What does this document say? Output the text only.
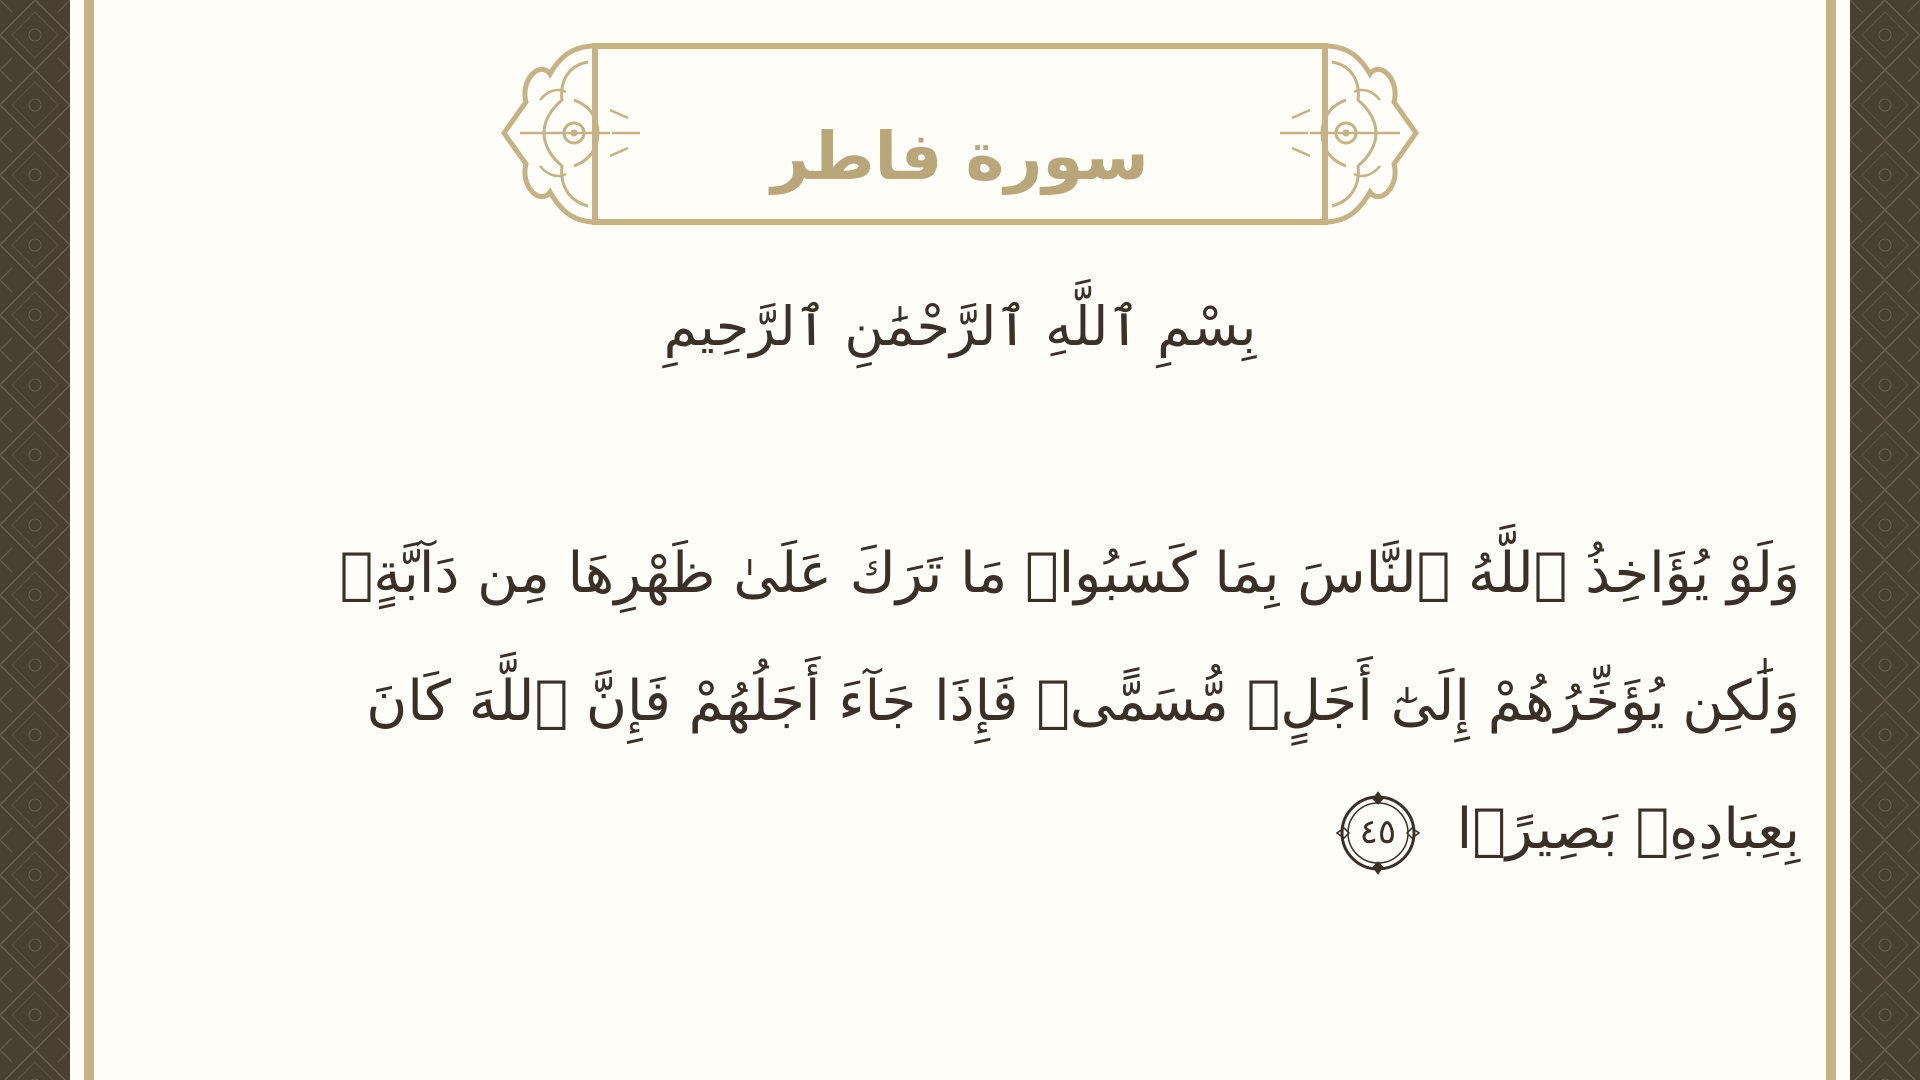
سورة فاطر
بِسْمِ ٱللَّهِ ٱلرَّحْمَٰنِ ٱلرَّحِيمِ
وَلَوْ يُؤَاخِذُ ٱللَّهُ ٱلنَّاسَ بِمَا كَسَبُوا۟ مَا تَرَكَ عَلَىٰ ظَهْرِهَا مِن دَآبَّةٍۢ وَلَٰكِن يُؤَخِّرُهُمْ إِلَىٰٓ أَجَلٍۢ مُّسَمًّىۖ فَإِذَا جَآءَ أَجَلُهُمْ فَإِنَّ ٱللَّهَ كَانَ بِعِبَادِهِۦ بَصِيرًۢا
٤٥
